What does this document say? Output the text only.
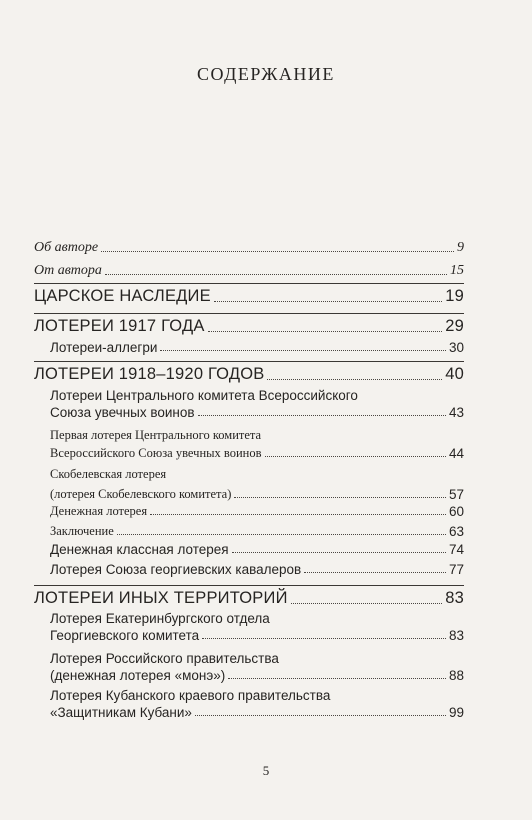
СОДЕРЖАНИЕ
Об авторе	9
От автора	15
ЦАРСКОЕ НАСЛЕДИЕ	19
ЛОТЕРЕИ 1917 ГОДА	29
Лотереи-аллегри	30
ЛОТЕРЕИ 1918–1920 ГОДОВ	40
Лотереи Центрального комитета Всероссийского
Союза увечных воинов	43
Первая лотерея Центрального комитета
Всероссийского Союза увечных воинов	44
Скобелевская лотерея
(лотерея Скобелевского комитета)	57
Денежная лотерея	60
Заключение	63
Денежная классная лотерея	74
Лотерея Союза георгиевских кавалеров	77
ЛОТЕРЕИ ИНЫХ ТЕРРИТОРИЙ	83
Лотерея Екатеринбургского отдела
Георгиевского комитета	83
Лотерея Российского правительства
(денежная лотерея «монэ»)	88
Лотерея Кубанского краевого правительства
«Защитникам Кубани»	99
5
